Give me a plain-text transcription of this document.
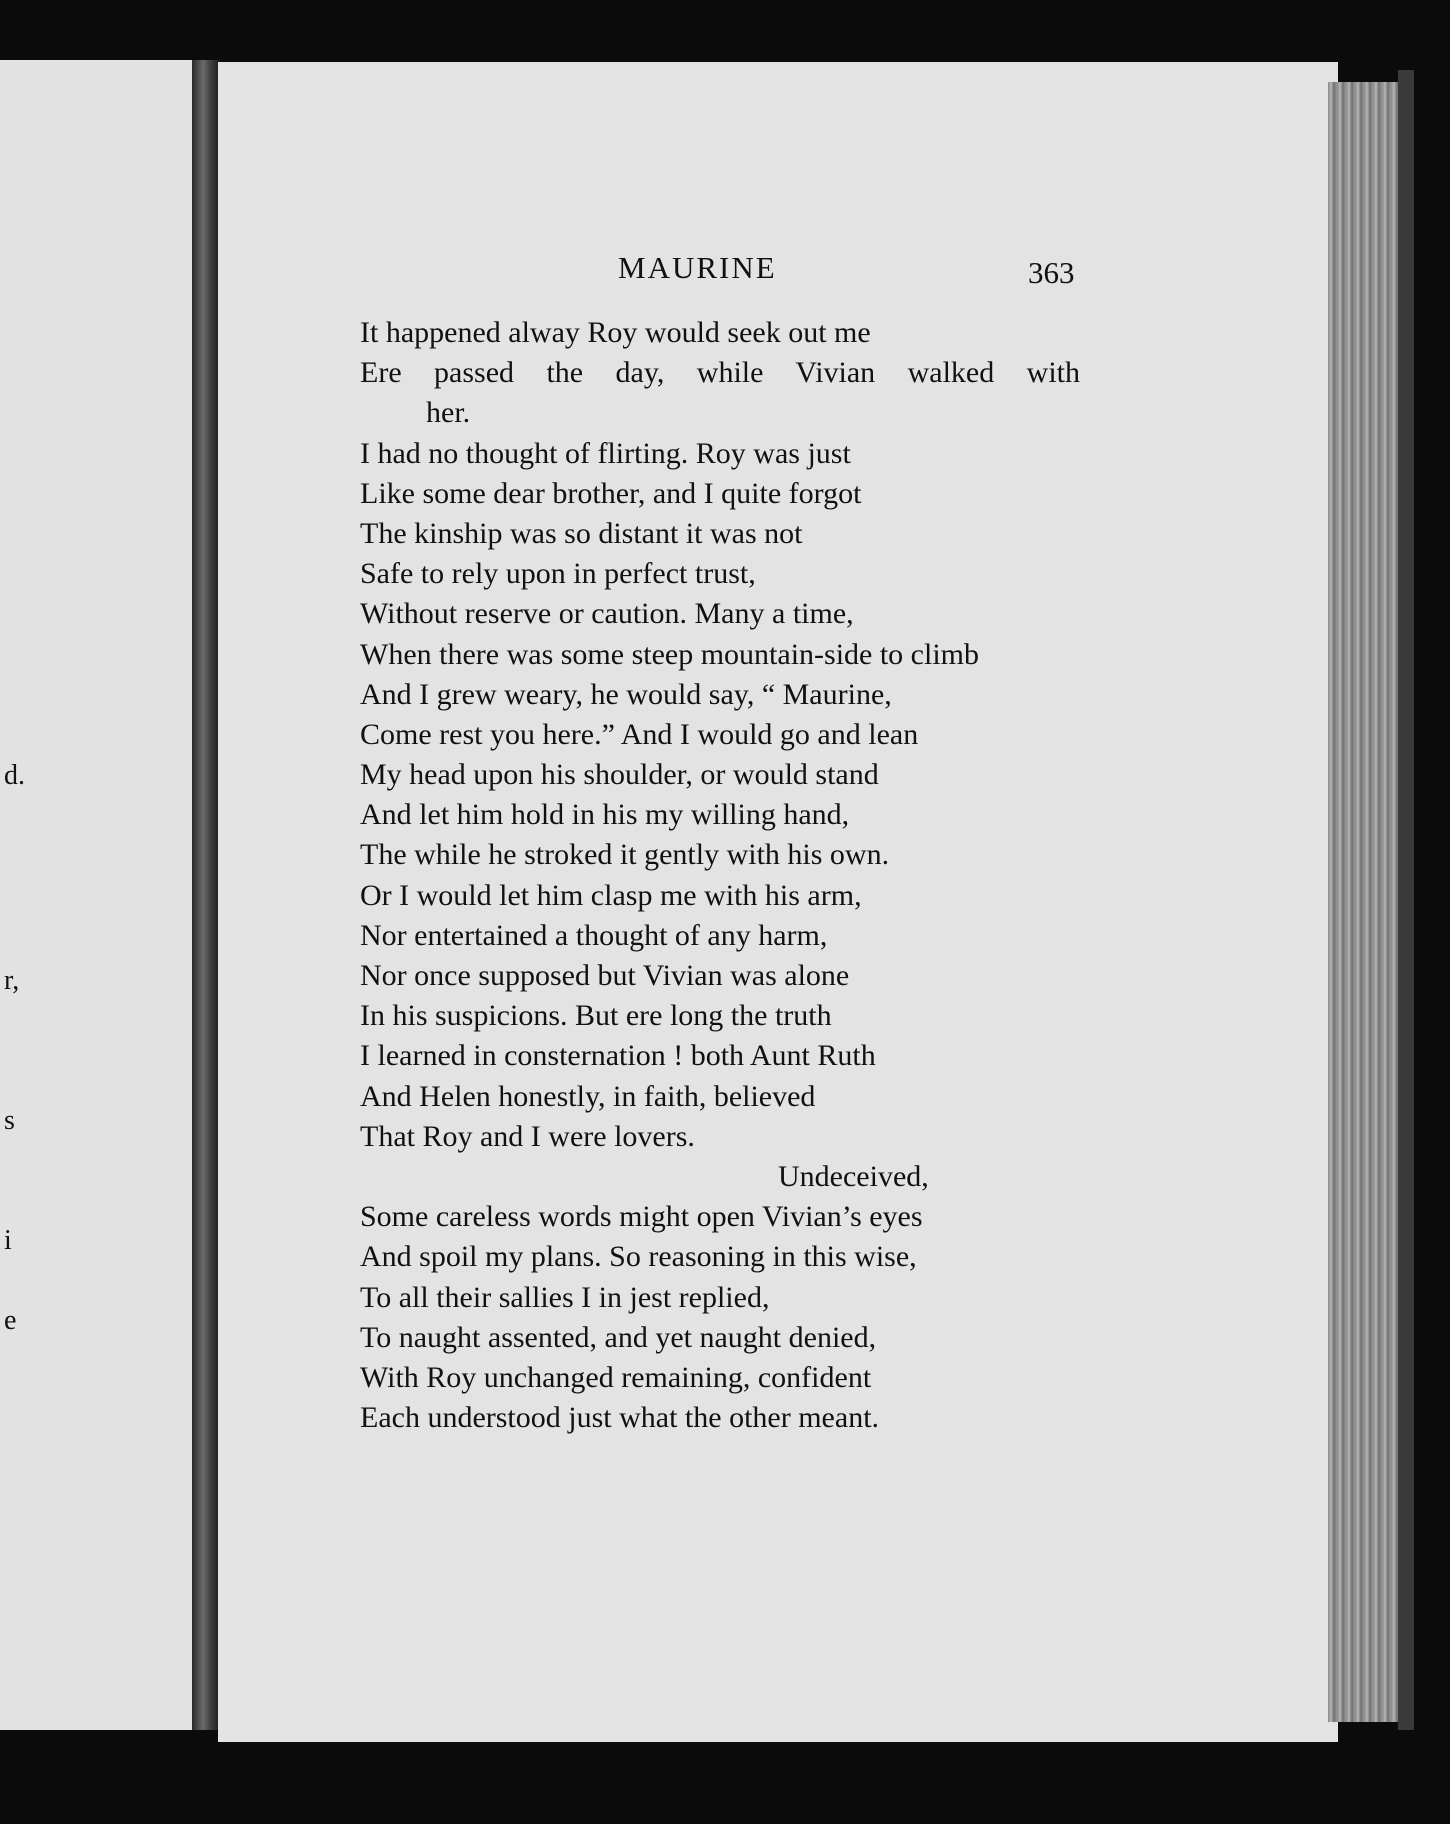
d.
r,
s
i
e
MAURINE	363
It happened alway Roy would seek out me
Ere passed the day, while Vivian walked with
her.
I had no thought of flirting. Roy was just
Like some dear brother, and I quite forgot
The kinship was so distant it was not
Safe to rely upon in perfect trust,
Without reserve or caution. Many a time,
When there was some steep mountain-side to climb
And I grew weary, he would say, “ Maurine,
Come rest you here.” And I would go and lean
My head upon his shoulder, or would stand
And let him hold in his my willing hand,
The while he stroked it gently with his own.
Or I would let him clasp me with his arm,
Nor entertained a thought of any harm,
Nor once supposed but Vivian was alone
In his suspicions. But ere long the truth
I learned in consternation ! both Aunt Ruth
And Helen honestly, in faith, believed
That Roy and I were lovers.
Undeceived,
Some careless words might open Vivian’s eyes
And spoil my plans. So reasoning in this wise,
To all their sallies I in jest replied,
To naught assented, and yet naught denied,
With Roy unchanged remaining, confident
Each understood just what the other meant.
